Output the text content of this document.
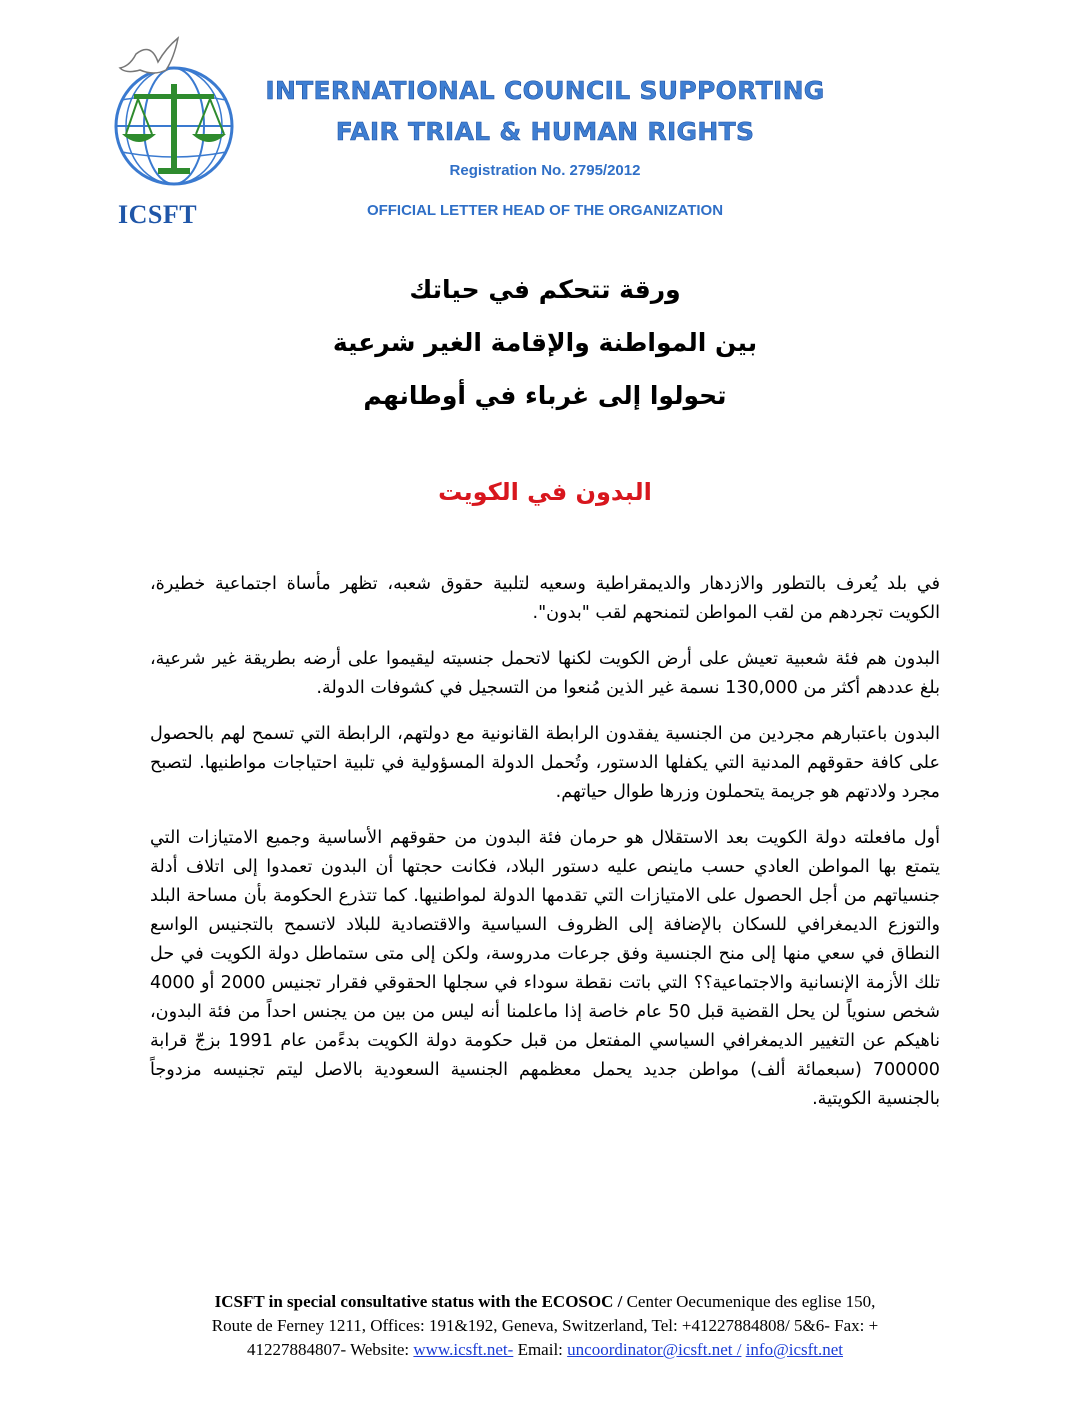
ICSFT
INTERNATIONAL COUNCIL SUPPORTING
FAIR TRIAL & HUMAN RIGHTS
Registration No. 2795/2012
OFFICIAL LETTER HEAD OF THE ORGANIZATION
ورقة تتحكم في حياتك
بين المواطنة والإقامة الغير شرعية
تحولوا إلى غرباء في أوطانهم
البدون في الكويت

في بلد يُعرف بالتطور والازدهار والديمقراطية وسعيه لتلبية حقوق شعبه، تظهر مأساة اجتماعية خطيرة، الكويت تجردهم من لقب المواطن لتمنحهم لقب "بدون".

البدون هم فئة شعبية تعيش على أرض الكويت لكنها لاتحمل جنسيته ليقيموا على أرضه بطريقة غير شرعية، بلغ عددهم أكثر من 130,000 نسمة غير الذين مُنعوا من التسجيل في كشوفات الدولة.

البدون باعتبارهم مجردين من الجنسية يفقدون الرابطة القانونية مع دولتهم، الرابطة التي تسمح لهم بالحصول على كافة حقوقهم المدنية التي يكفلها الدستور، وتُحمل الدولة المسؤولية في تلبية احتياجات مواطنيها. لتصبح مجرد ولادتهم هو جريمة يتحملون وزرها طوال حياتهم.

أول مافعلته دولة الكويت بعد الاستقلال هو حرمان فئة البدون من حقوقهم الأساسية وجميع الامتيازات التي يتمتع بها المواطن العادي حسب ماينص عليه دستور البلاد، فكانت حجتها أن البدون تعمدوا إلى اتلاف أدلة جنسياتهم من أجل الحصول على الامتيازات التي تقدمها الدولة لمواطنيها. كما تتذرع الحكومة بأن مساحة البلد والتوزع الديمغرافي للسكان بالإضافة إلى الظروف السياسية والاقتصادية للبلاد لاتسمح بالتجنيس الواسع النطاق في سعي منها إلى منح الجنسية وفق جرعات مدروسة، ولكن إلى متى ستماطل دولة الكويت في حل تلك الأزمة الإنسانية والاجتماعية؟؟ التي باتت نقطة سوداء في سجلها الحقوقي فقرار تجنيس 2000 أو 4000 شخص سنوياً لن يحل القضية قبل 50 عام خاصة إذا ماعلمنا أنه ليس من بين من يجنس احداً من فئة البدون، ناهيكم عن التغيير الديمغرافي السياسي المفتعل من قبل حكومة دولة الكويت بدءًمن عام 1991 بزجّ قرابة 700000 (سبعمائة ألف) مواطن جديد يحمل معظمهم الجنسية السعودية بالاصل ليتم تجنيسه مزدوجاً بالجنسية الكويتية.

ICSFT in special consultative status with the ECOSOC / Center Oecumenique des eglise 150,
Route de Ferney 1211, Offices: 191&192, Geneva, Switzerland, Tel: +41227884808/ 5&6- Fax: +
41227884807- Website: www.icsft.net- Email: uncoordinator@icsft.net / info@icsft.net
